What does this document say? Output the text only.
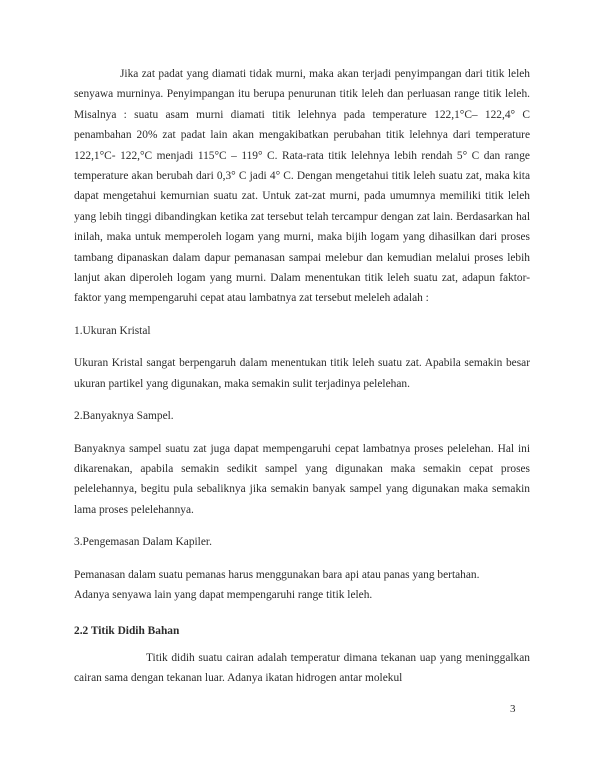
Jika zat padat yang diamati tidak murni, maka akan terjadi penyimpangan dari titik leleh senyawa murninya. Penyimpangan itu berupa penurunan titik leleh dan perluasan range titik leleh. Misalnya : suatu asam murni diamati titik lelehnya pada temperature 122,1°C– 122,4° C penambahan 20% zat padat lain akan mengakibatkan perubahan titik lelehnya dari temperature 122,1°C- 122,°C menjadi 115°C – 119° C. Rata-rata titik lelehnya lebih rendah 5° C dan range temperature akan berubah dari 0,3° C jadi 4° C. Dengan mengetahui titik leleh suatu zat, maka kita dapat mengetahui kemurnian suatu zat. Untuk zat-zat murni, pada umumnya memiliki titik leleh yang lebih tinggi dibandingkan ketika zat tersebut telah tercampur dengan zat lain. Berdasarkan hal inilah, maka untuk memperoleh logam yang murni, maka bijih logam yang dihasilkan dari proses tambang dipanaskan dalam dapur pemanasan sampai melebur dan kemudian melalui proses lebih lanjut akan diperoleh logam yang murni. Dalam menentukan titik leleh suatu zat, adapun faktor-faktor yang mempengaruhi cepat atau lambatnya zat tersebut meleleh adalah :

1.Ukuran Kristal

Ukuran Kristal sangat berpengaruh dalam menentukan titik leleh suatu zat. Apabila semakin besar ukuran partikel yang digunakan, maka semakin sulit terjadinya pelelehan.

2.Banyaknya Sampel.

Banyaknya sampel suatu zat juga dapat mempengaruhi cepat lambatnya proses pelelehan. Hal ini dikarenakan, apabila semakin sedikit sampel yang digunakan maka semakin cepat proses pelelehannya, begitu pula sebaliknya jika semakin banyak sampel yang digunakan maka semakin lama proses pelelehannya.

3.Pengemasan Dalam Kapiler.

Pemanasan dalam suatu pemanas harus menggunakan bara api atau panas yang bertahan.

Adanya senyawa lain yang dapat mempengaruhi range titik leleh.

2.2 Titik Didih Bahan

Titik didih suatu cairan adalah temperatur dimana tekanan uap yang meninggalkan cairan sama dengan tekanan luar. Adanya ikatan hidrogen antar molekul

3
